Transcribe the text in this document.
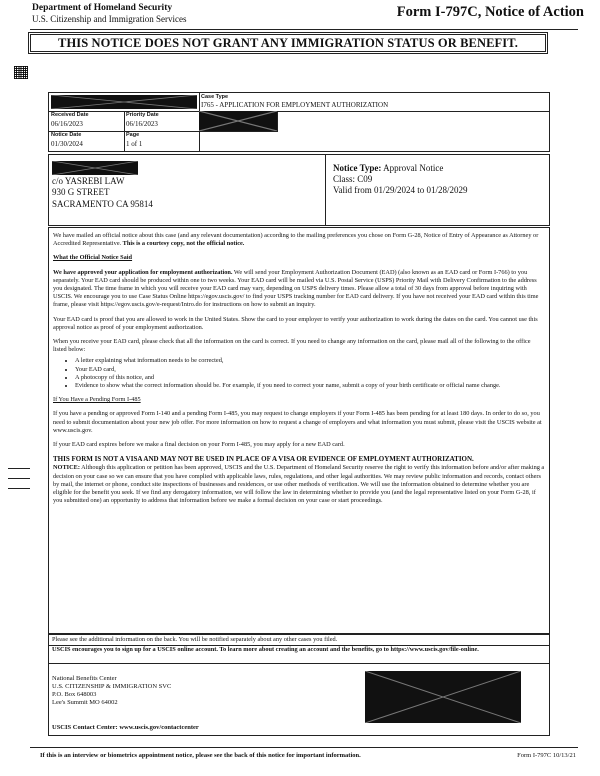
Department of Homeland Security
U.S. Citizenship and Immigration Services	Form I-797C, Notice of Action
THIS NOTICE DOES NOT GRANT ANY IMMIGRATION STATUS OR BENEFIT.
Case Type
I765 - APPLICATION FOR EMPLOYMENT AUTHORIZATION
Received Date
06/16/2023
Priority Date
06/16/2023
Notice Date
01/30/2024
Page
1 of 1
c/o YASREBI LAW
930 G STREET
SACRAMENTO CA 95814
Notice Type: Approval Notice
Class: C09
Valid from 01/29/2024 to 01/28/2029

We have mailed an official notice about this case (and any relevant documentation) according to the mailing preferences you chose on Form G-28, Notice of Entry of Appearance as Attorney or Accredited Representative. This is a courtesy copy, not the official notice.

What the Official Notice Said

We have approved your application for employment authorization. We will send your Employment Authorization Document (EAD) (also known as an EAD card or Form I-766) to you separately. Your EAD card should be produced within one to two weeks. Your EAD card will be mailed via U.S. Postal Service (USPS) Priority Mail with Delivery Confirmation to the address you designated. The time frame in which you will receive your EAD card may vary, depending on USPS delivery times. Please allow a total of 30 days from approval before inquiring with USCIS. We encourage you to use Case Status Online https://egov.uscis.gov/ to find your USPS tracking number for EAD card delivery. If you have not received your EAD card within this time frame, please visit https://egov.uscis.gov/e-request/Intro.do for instructions on how to submit an inquiry.

Your EAD card is proof that you are allowed to work in the United States. Show the card to your employer to verify your authorization to work during the dates on the card. You cannot use this approval notice as proof of your employment authorization.

When you receive your EAD card, please check that all the information on the card is correct. If you need to change any information on the card, please mail all of the following to the office listed below:

• A letter explaining what information needs to be corrected,
• Your EAD card,
• A photocopy of this notice, and
• Evidence to show what the correct information should be. For example, if you need to correct your name, submit a copy of your birth certificate or official name change.

If You Have a Pending Form I-485

If you have a pending or approved Form I-140 and a pending Form I-485, you may request to change employers if your Form I-485 has been pending for at least 180 days. In order to do so, you need to submit documentation about your new job offer. For more information on how to request a change of employers and what information you must submit, please visit the USCIS website at www.uscis.gov.

If your EAD card expires before we make a final decision on your Form I-485, you may apply for a new EAD card.

THIS FORM IS NOT A VISA AND MAY NOT BE USED IN PLACE OF A VISA OR EVIDENCE OF EMPLOYMENT AUTHORIZATION.
NOTICE: Although this application or petition has been approved, USCIS and the U.S. Department of Homeland Security reserve the right to verify this information before and/or after making a decision on your case so we can ensure that you have complied with applicable laws, rules, regulations, and other legal authorities. We may review public information and records, contact others by mail, the internet or phone, conduct site inspections of businesses and residences, or use other methods of verification. We will use the information obtained to determine whether you are eligible for the benefit you seek. If we find any derogatory information, we will follow the law in determining whether to provide you (and the legal representative listed on your Form G-28, if you submitted one) an opportunity to address that information before we make a formal decision on your case or start proceedings.

Please see the additional information on the back. You will be notified separately about any other cases you filed.
USCIS encourages you to sign up for a USCIS online account. To learn more about creating an account and the benefits, go to https://www.uscis.gov/file-online.
National Benefits Center
U.S. CITIZENSHIP & IMMIGRATION SVC
P.O. Box 648003
Lee's Summit MO 64002
USCIS Contact Center: www.uscis.gov/contactcenter
If this is an interview or biometrics appointment notice, please see the back of this notice for important information.	Form I-797C 10/13/21
